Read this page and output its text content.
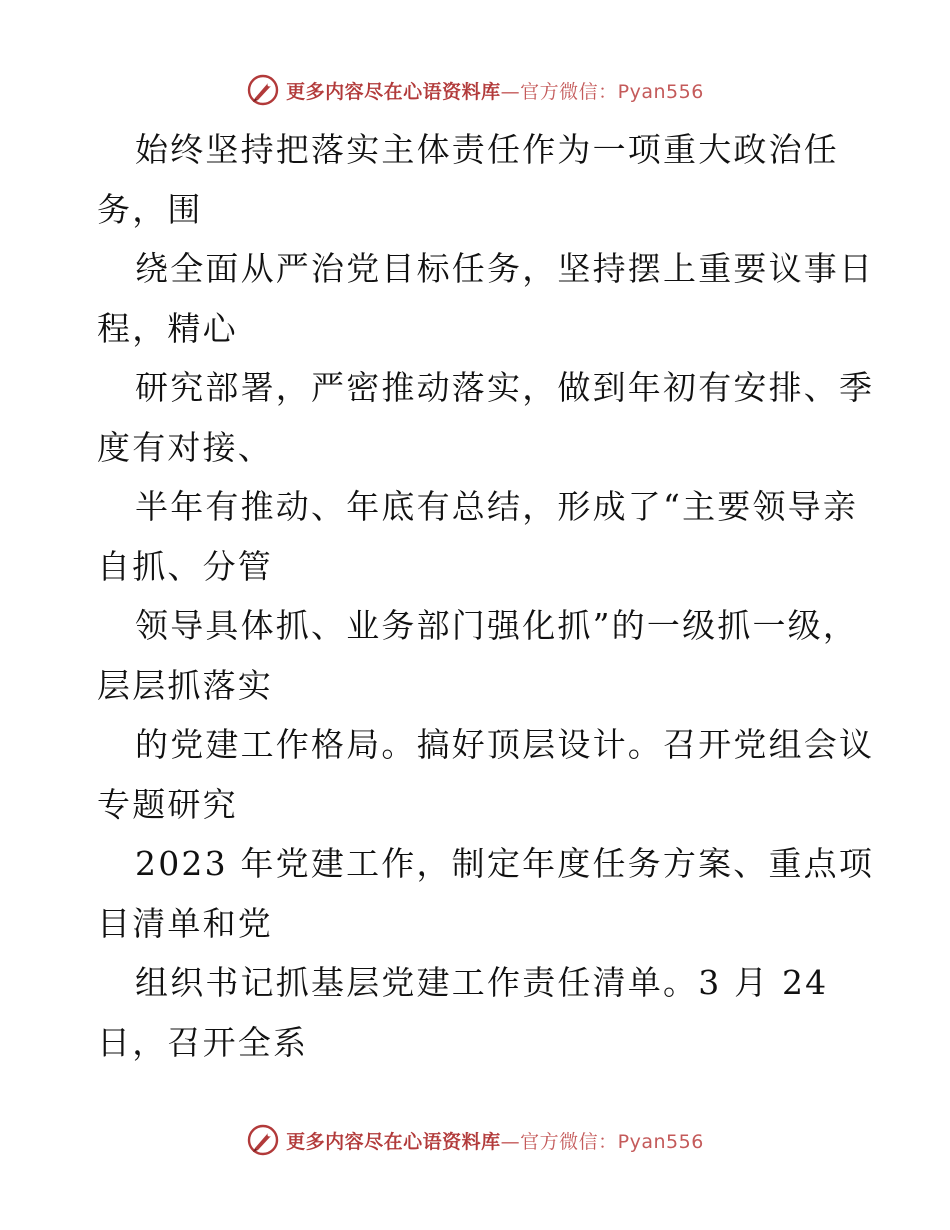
更多内容尽在心语资料库—官方微信：Pyan556
始终坚持把落实主体责任作为一项重大政治任
务，围
绕全面从严治党目标任务，坚持摆上重要议事日
程，精心
研究部署，严密推动落实，做到年初有安排、季
度有对接、
半年有推动、年底有总结，形成了“主要领导亲
自抓、分管
领导具体抓、业务部门强化抓”的一级抓一级，
层层抓落实
的党建工作格局。搞好顶层设计。召开党组会议
专题研究
2023 年党建工作，制定年度任务方案、重点项
目清单和党
组织书记抓基层党建工作责任清单。3 月 24
日，召开全系
更多内容尽在心语资料库—官方微信：Pyan556
